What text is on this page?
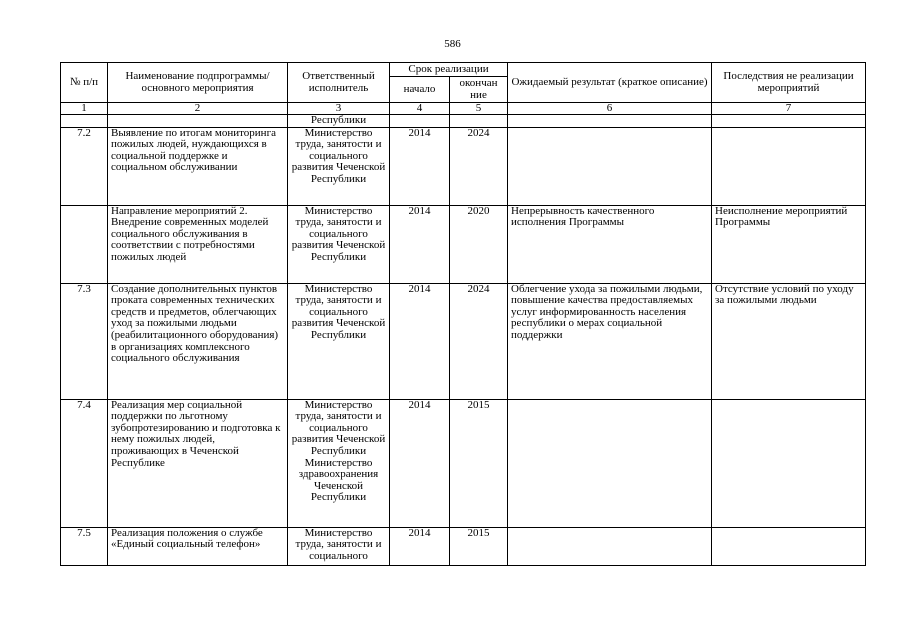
586
№ п/п	Наименование подпрограммы/ основного мероприятия	Ответственный исполнитель	Срок реализации		Ожидаемый результат (краткое описание)	Последствия не реализации мероприятий
			начало	окончан ние		
1	2	3	4	5	6	7
		Республики				
7.2	Выявление по итогам мониторинга пожилых людей, нуждающихся в социальной поддержке и социальном обслуживании	Министерство труда, занятости и социального развития Чеченской Республики	2014	2024		
	Направление мероприятий 2. Внедрение современных моделей социального обслуживания в соответствии с потребностями пожилых людей	Министерство труда, занятости и социального развития Чеченской Республики	2014	2020	Непрерывность качественного исполнения Программы	Неисполнение мероприятий Программы
7.3	Создание дополнительных пунктов проката современных технических средств и предметов, облегчающих уход за пожилыми людьми (реабилитационного оборудования) в организациях комплексного социального обслуживания	Министерство труда, занятости и социального развития Чеченской Республики	2014	2024	Облегчение ухода за пожилыми людьми, повышение качества предоставляемых услуг информированность населения республики о мерах социальной поддержки	Отсутствие условий по уходу за пожилыми людьми
7.4	Реализация мер социальной поддержки по льготному зубопротезированию и подготовка к нему пожилых людей, проживающих в Чеченской Республике	Министерство труда, занятости и социального развития Чеченской Республики Министерство здравоохранения Чеченской Республики	2014	2015		
7.5	Реализация положения о службе «Единый социальный телефон»	Министерство труда, занятости и социального	2014	2015		
